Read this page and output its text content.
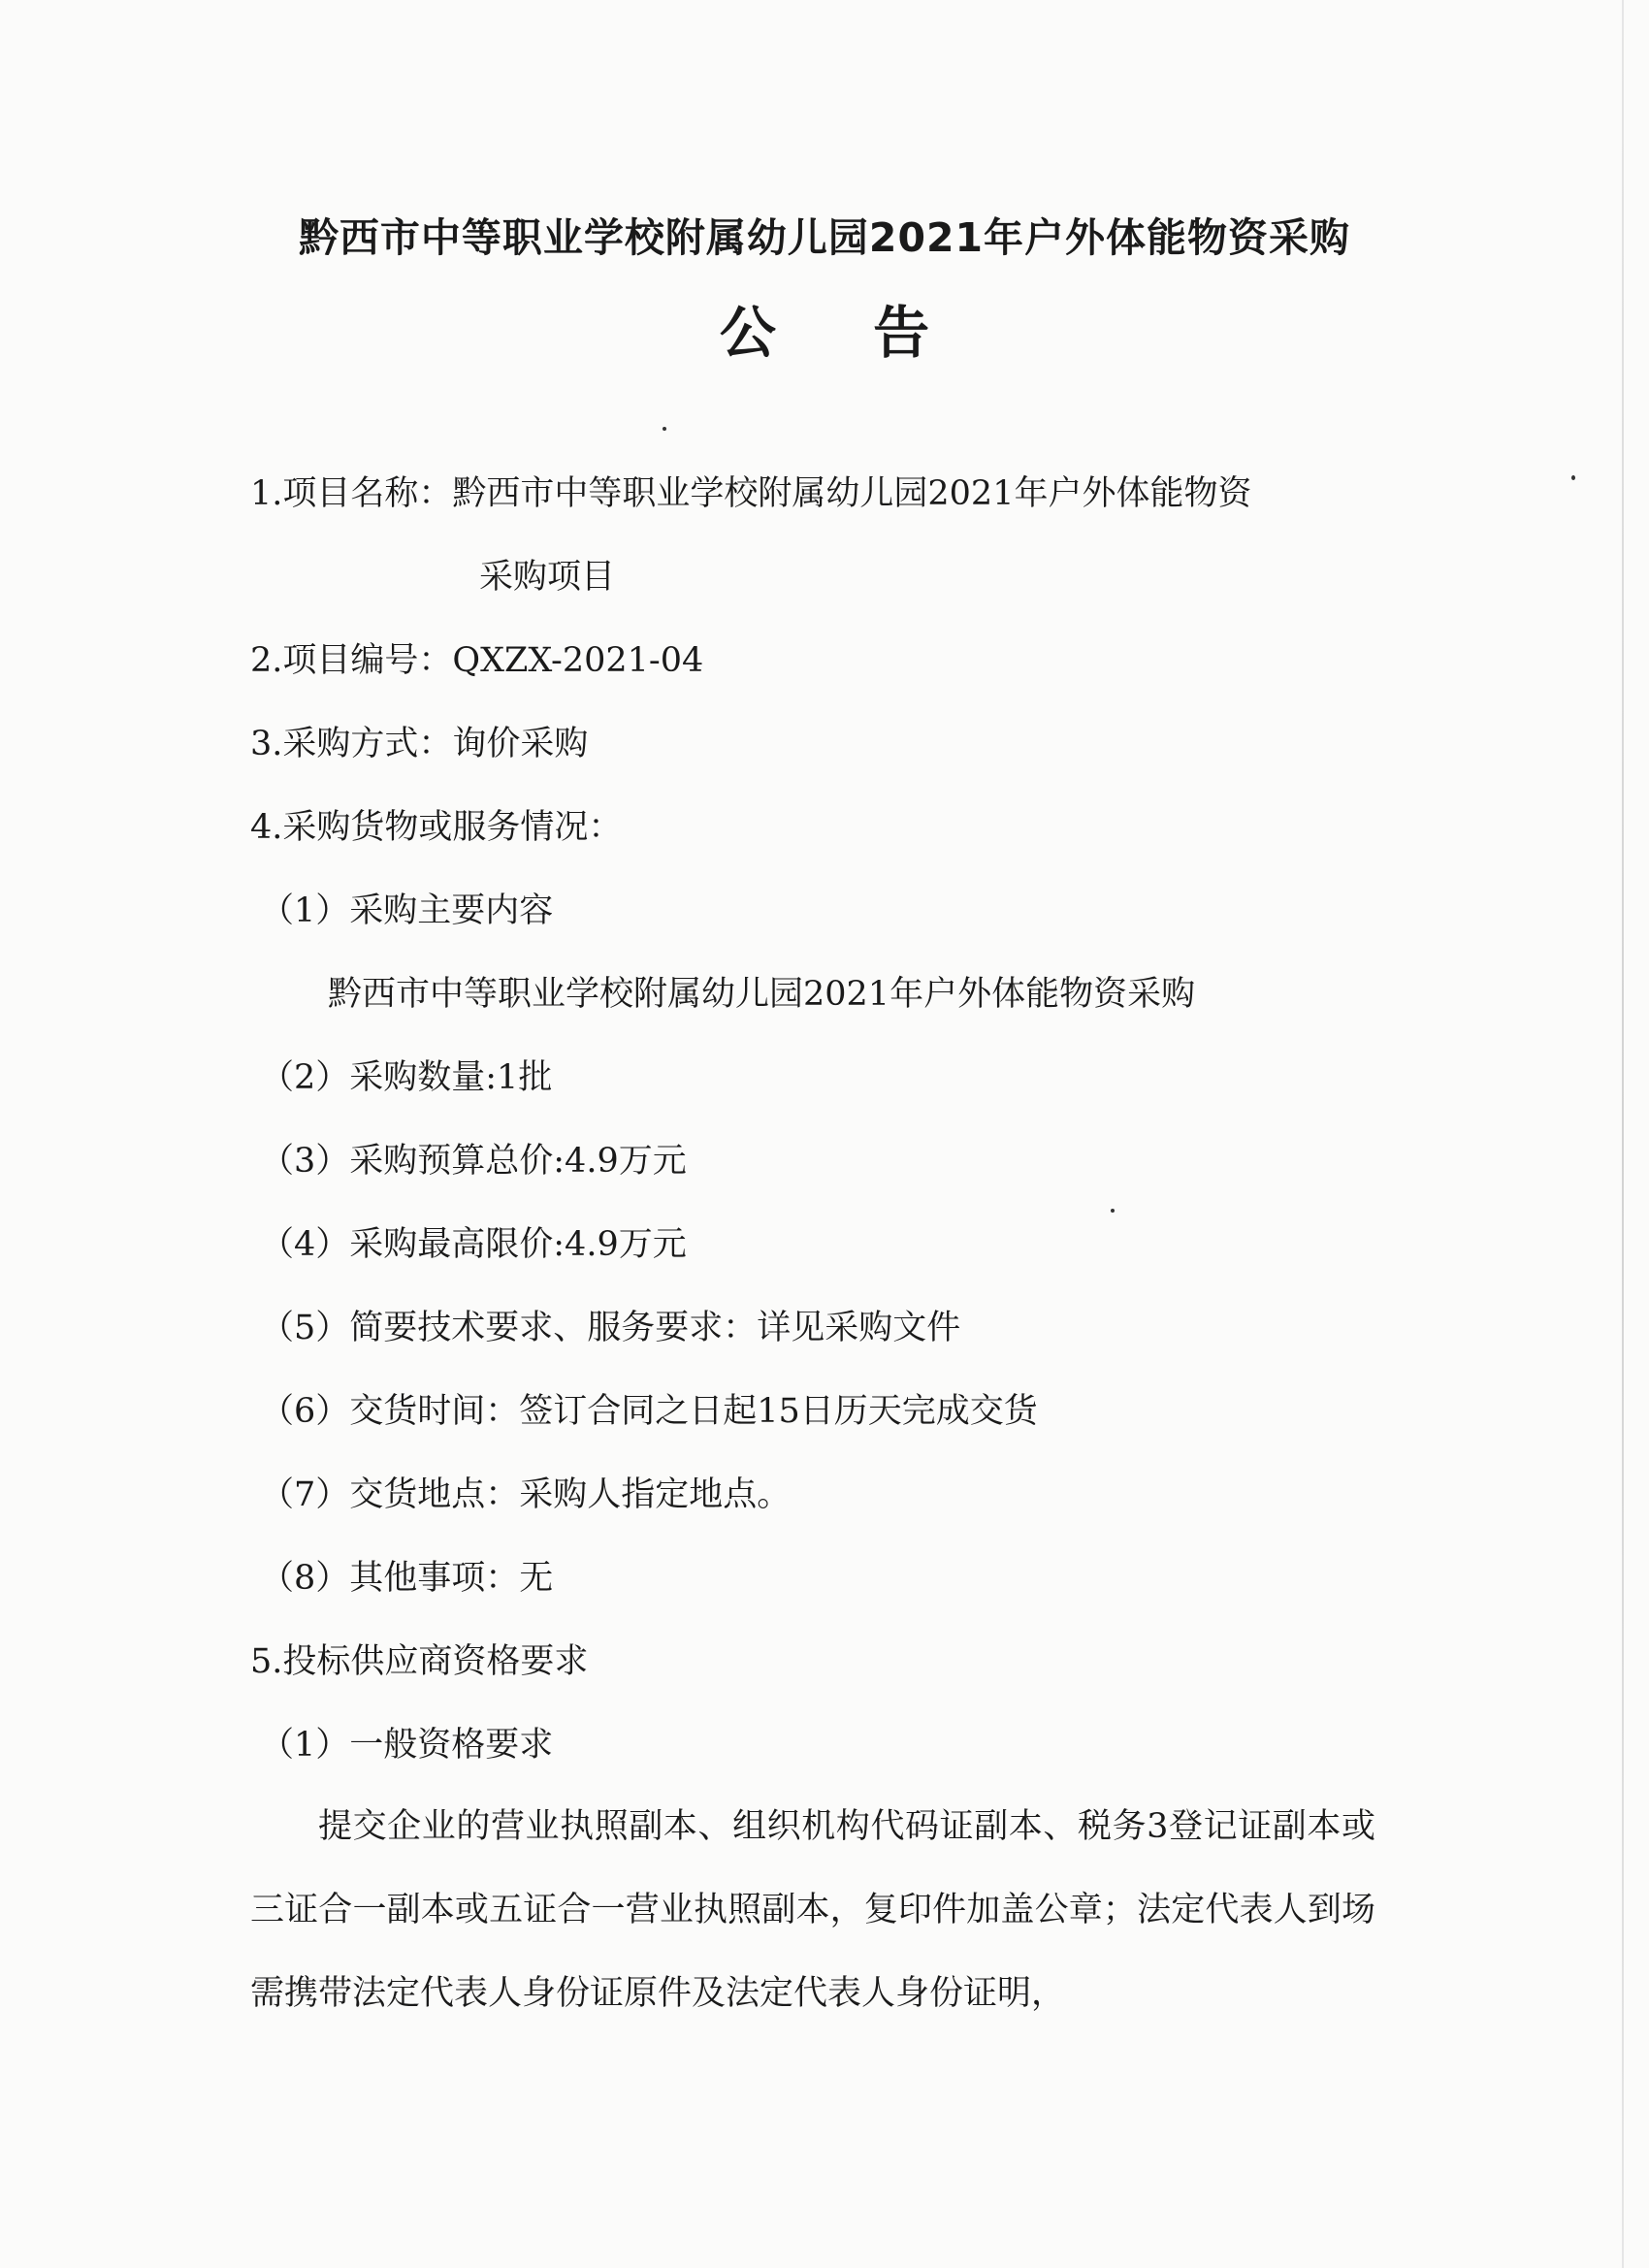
黔西市中等职业学校附属幼儿园2021年户外体能物资采购
公 告
1.项目名称：黔西市中等职业学校附属幼儿园2021年户外体能物资
采购项目
2.项目编号：QXZX-2021-04
3.采购方式：询价采购
4.采购货物或服务情况：
（1）采购主要内容
黔西市中等职业学校附属幼儿园2021年户外体能物资采购
（2）采购数量:1批
（3）采购预算总价:4.9万元
（4）采购最高限价:4.9万元
（5）简要技术要求、服务要求：详见采购文件
（6）交货时间：签订合同之日起15日历天完成交货
（7）交货地点：采购人指定地点。
（8）其他事项：无
5.投标供应商资格要求
（1）一般资格要求
提交企业的营业执照副本、组织机构代码证副本、税务3登记证副本或三证合一副本或五证合一营业执照副本，复印件加盖公章；法定代表人到场需携带法定代表人身份证原件及法定代表人身份证明，
